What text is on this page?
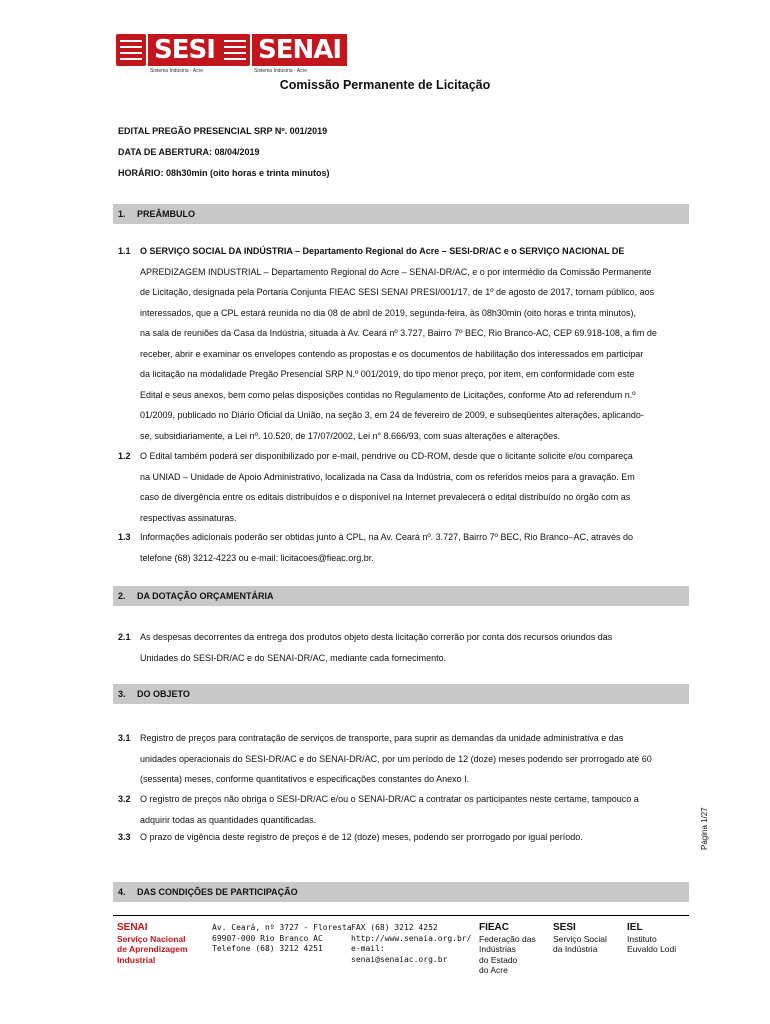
SESI
Sistema Indústria - Acre
SENAI
Sistema Indústria - Acre
Comissão Permanente de Licitação
EDITAL PREGÃO PRESENCIAL SRP Nº. 001/2019
DATA DE ABERTURA: 08/04/2019
HORÁRIO: 08h30min (oito horas e trinta minutos)
1. PREÂMBULO
1.1 O SERVIÇO SOCIAL DA INDÚSTRIA – Departamento Regional do Acre – SESI-DR/AC e o SERVIÇO NACIONAL DE
APREDIZAGEM INDUSTRIAL – Departamento Regional do Acre – SENAI-DR/AC, e o por intermédio da Comissão Permanente
de Licitação, designada pela Portaria Conjunta FIEAC SESI SENAI PRESI/001/17, de 1º de agosto de 2017, tornam público, aos
interessados, que a CPL estará reunida no dia 08 de abril de 2019, segunda-feira, às 08h30min (oito horas e trinta minutos),
na sala de reuniões da Casa da Indústria, situada à Av. Ceará nº 3.727, Bairro 7º BEC, Rio Branco-AC, CEP 69.918-108, a fim de
receber, abrir e examinar os envelopes contendo as propostas e os documentos de habilitação dos interessados em participar
da licitação na modalidade Pregão Presencial SRP N.º 001/2019, do tipo menor preço, por item, em conformidade com este
Edital e seus anexos, bem como pelas disposições contidas no Regulamento de Licitações, conforme Ato ad referendum n.º
01/2009, publicado no Diário Oficial da União, na seção 3, em 24 de fevereiro de 2009, e subseqüentes alterações, aplicando-
se, subsidiariamente, a Lei nº. 10.520, de 17/07/2002, Lei n° 8.666/93, com suas alterações e alterações.
1.2 O Edital também poderá ser disponibilizado por e-mail, pendrive ou CD-ROM, desde que o licitante solicite e/ou compareça
na UNIAD – Unidade de Apoio Administrativo, localizada na Casa da Indústria, com os referidos meios para a gravação. Em
caso de divergência entre os editais distribuídos e o disponível na Internet prevalecerá o edital distribuído no órgão com as
respectivas assinaturas.
1.3 Informações adicionais poderão ser obtidas junto à CPL, na Av. Ceará nº. 3.727, Bairro 7º BEC, Rio Branco–AC, através do
telefone (68) 3212-4223 ou e-mail: licitacoes@fieac.org.br.
2. DA DOTAÇÃO ORÇAMENTÁRIA
2.1 As despesas decorrentes da entrega dos produtos objeto desta licitação correrão por conta dos recursos oriundos das
Unidades do SESI-DR/AC e do SENAI-DR/AC, mediante cada fornecimento.
3. DO OBJETO
3.1 Registro de preços para contratação de serviços de transporte, para suprir as demandas da unidade administrativa e das
unidades operacionais do SESI-DR/AC e do SENAI-DR/AC, por um período de 12 (doze) meses podendo ser prorrogado até 60
(sessenta) meses, conforme quantitativos e especificações constantes do Anexo I.
3.2 O registro de preços não obriga o SESI-DR/AC e/ou o SENAI-DR/AC a contratar os participantes neste certame, tampouco a
adquirir todas as quantidades quantificadas.
3.3 O prazo de vigência deste registro de preços é de 12 (doze) meses, podendo ser prorrogado por igual período.
4. DAS CONDIÇÕES DE PARTICIPAÇÃO
Página 1/27
SENAI
Serviço Nacional
de Aprendizagem
Industrial
Av. Ceará, nº 3727 - Floresta
69907-000 Rio Branco AC
Telefone (68) 3212 4251
FAX (68) 3212 4252
http://www.senaia.org.br/
e-mail:
senai@senaiac.org.br
FIEAC
Federação das
Indústrias
do Estado
do Acre
SESI
Serviço Social
da Indústria
IEL
Instituto
Euvaldo Lodi
